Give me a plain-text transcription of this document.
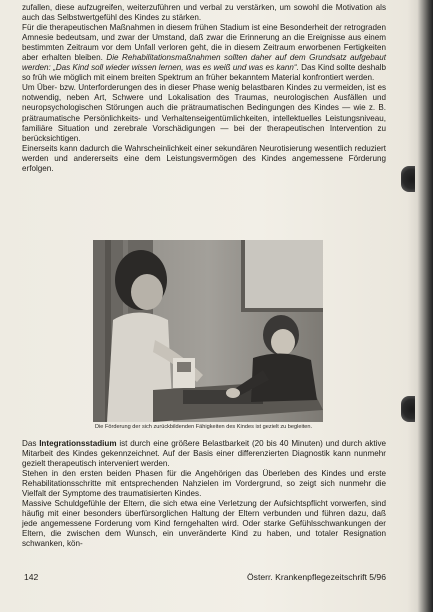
zufallen, diese aufzugreifen, weiterzuführen und verbal zu verstärken, um sowohl die Motivation als auch das Selbstwertgefühl des Kindes zu stärken.

Für die therapeutischen Maßnahmen in diesem frühen Stadium ist eine Besonderheit der retrograden Amnesie bedeutsam, und zwar der Umstand, daß zwar die Erinnerung an die Ereignisse aus einem bestimmten Zeitraum vor dem Unfall verloren geht, die in diesem Zeitraum erworbenen Fertigkeiten aber erhalten bleiben. Die Rehabilitationsmaßnahmen sollten daher auf dem Grundsatz aufgebaut werden: „Das Kind soll wieder wissen lernen, was es weiß und was es kann“. Das Kind sollte deshalb so früh wie möglich mit einem breiten Spektrum an früher bekanntem Material konfrontiert werden.

Um Über- bzw. Unterforderungen des in dieser Phase wenig belastbaren Kindes zu vermeiden, ist es notwendig, neben Art, Schwere und Lokalisation des Traumas, neurologischen Ausfällen und neuropsychologischen Störungen auch die prätraumatischen Bedingungen des Kindes — wie z. B. prätraumatische Persönlichkeits- und Verhaltenseigentümlichkeiten, intellektuelles Leistungsniveau, familiäre Situation und zerebrale Vorschädigungen — bei der therapeutischen Intervention zu berücksichtigen.

Einerseits kann dadurch die Wahrscheinlichkeit einer sekundären Neurotisierung wesentlich reduziert werden und andererseits eine dem Leistungsvermögen des Kindes angemessene Förderung erfolgen.

Die Förderung der sich zurückbildenden Fähigkeiten des Kindes ist gezielt zu begleiten.

Das Integrationsstadium ist durch eine größere Belastbarkeit (20 bis 40 Minuten) und durch aktive Mitarbeit des Kindes gekennzeichnet. Auf der Basis einer differenzierten Diagnostik kann nunmehr gezielt therapeutisch interveniert werden.

Stehen in den ersten beiden Phasen für die Angehörigen das Überleben des Kindes und erste Rehabilitationsschritte mit entsprechenden Nahzielen im Vordergrund, so zeigt sich nunmehr die Vielfalt der Symptome des traumatisierten Kindes.

Massive Schuldgefühle der Eltern, die sich etwa eine Verletzung der Aufsichtspflicht vorwerfen, sind häufig mit einer besonders überfürsorglichen Haltung der Eltern verbunden und führen dazu, daß jede angemessene Forderung vom Kind ferngehalten wird. Oder starke Gefühlsschwankungen der Eltern, die zwischen dem Wunsch, ein unveränderte Kind zu haben, und totaler Resignation schwanken, kön-

142	Österr. Krankenpflegezeitschrift 5/96
